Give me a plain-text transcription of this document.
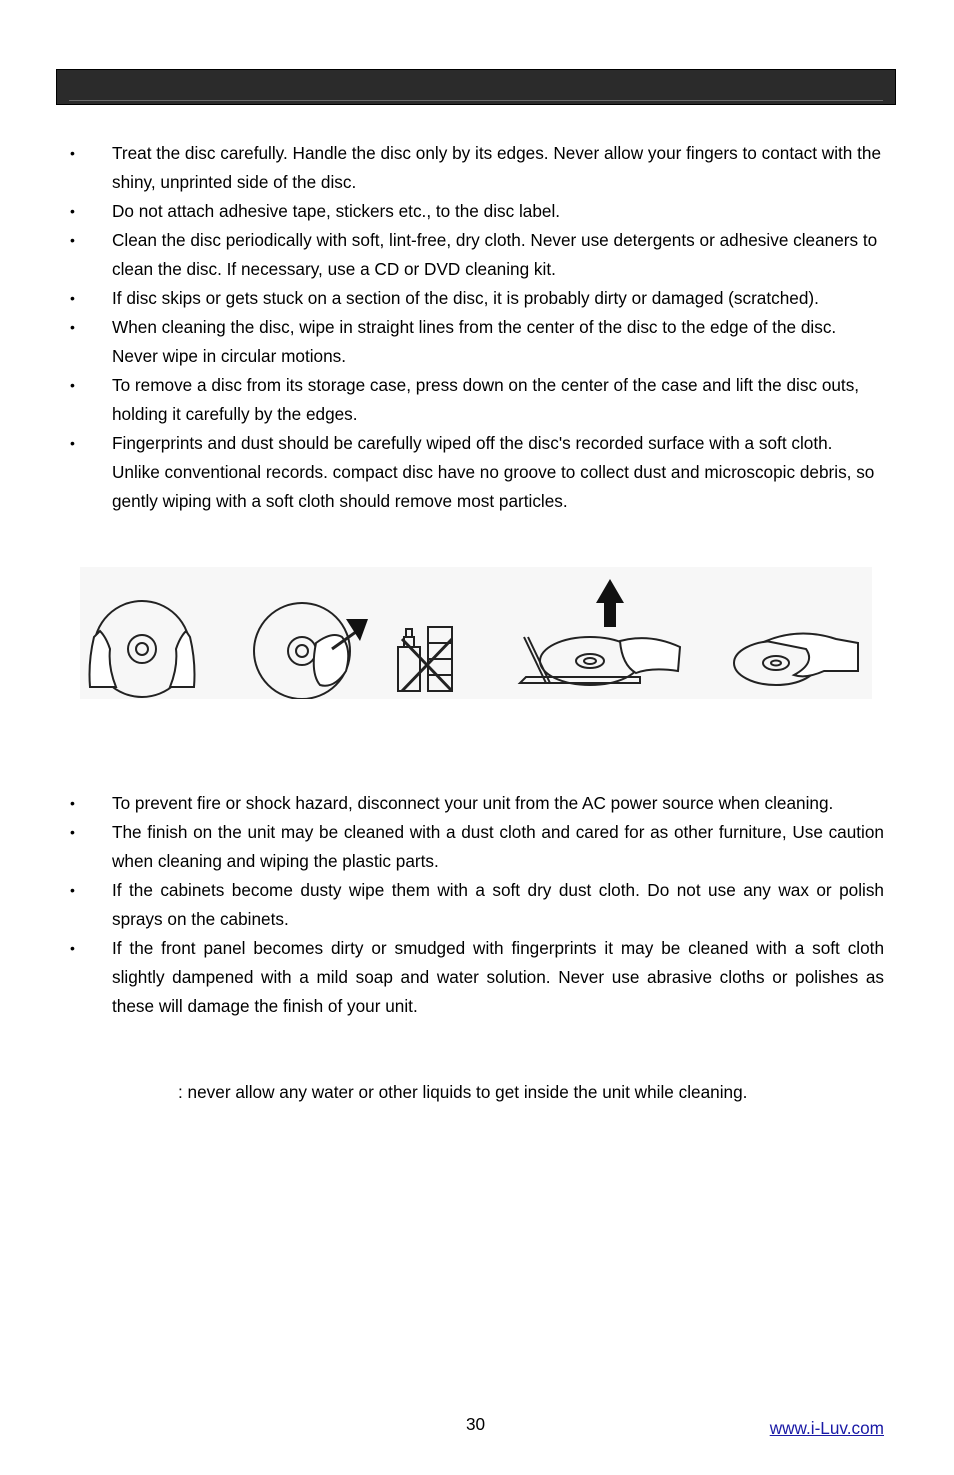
• Treat the disc carefully. Handle the disc only by its edges. Never allow your fingers to contact with the shiny, unprinted side of the disc.
• Do not attach adhesive tape, stickers etc., to the disc label.
• Clean the disc periodically with soft, lint-free, dry cloth. Never use detergents or adhesive cleaners to clean the disc. If necessary, use a CD or DVD cleaning kit.
• If disc skips or gets stuck on a section of the disc, it is probably dirty or damaged (scratched).
• When cleaning the disc, wipe in straight lines from the center of the disc to the edge of the disc. Never wipe in circular motions.
• To remove a disc from its storage case, press down on the center of the case and lift the disc outs, holding it carefully by the edges.
• Fingerprints and dust should be carefully wiped off the disc's recorded surface with a soft cloth. Unlike conventional records. compact disc have no groove to collect dust and microscopic debris, so gently wiping with a soft cloth should remove most particles.
• To prevent fire or shock hazard, disconnect your unit from the AC power source when cleaning.
• The finish on the unit may be cleaned with a dust cloth and cared for as other furniture, Use caution when cleaning and wiping the plastic parts.
• If the cabinets become dusty wipe them with a soft dry dust cloth. Do not use any wax or polish sprays on the cabinets.
• If the front panel becomes dirty or smudged with fingerprints it may be cleaned with a soft cloth slightly dampened with a mild soap and water solution. Never use abrasive cloths or polishes as these will damage the finish of your unit.
: never allow any water or other liquids to get inside the unit while cleaning.
30	www.i-Luv.com
